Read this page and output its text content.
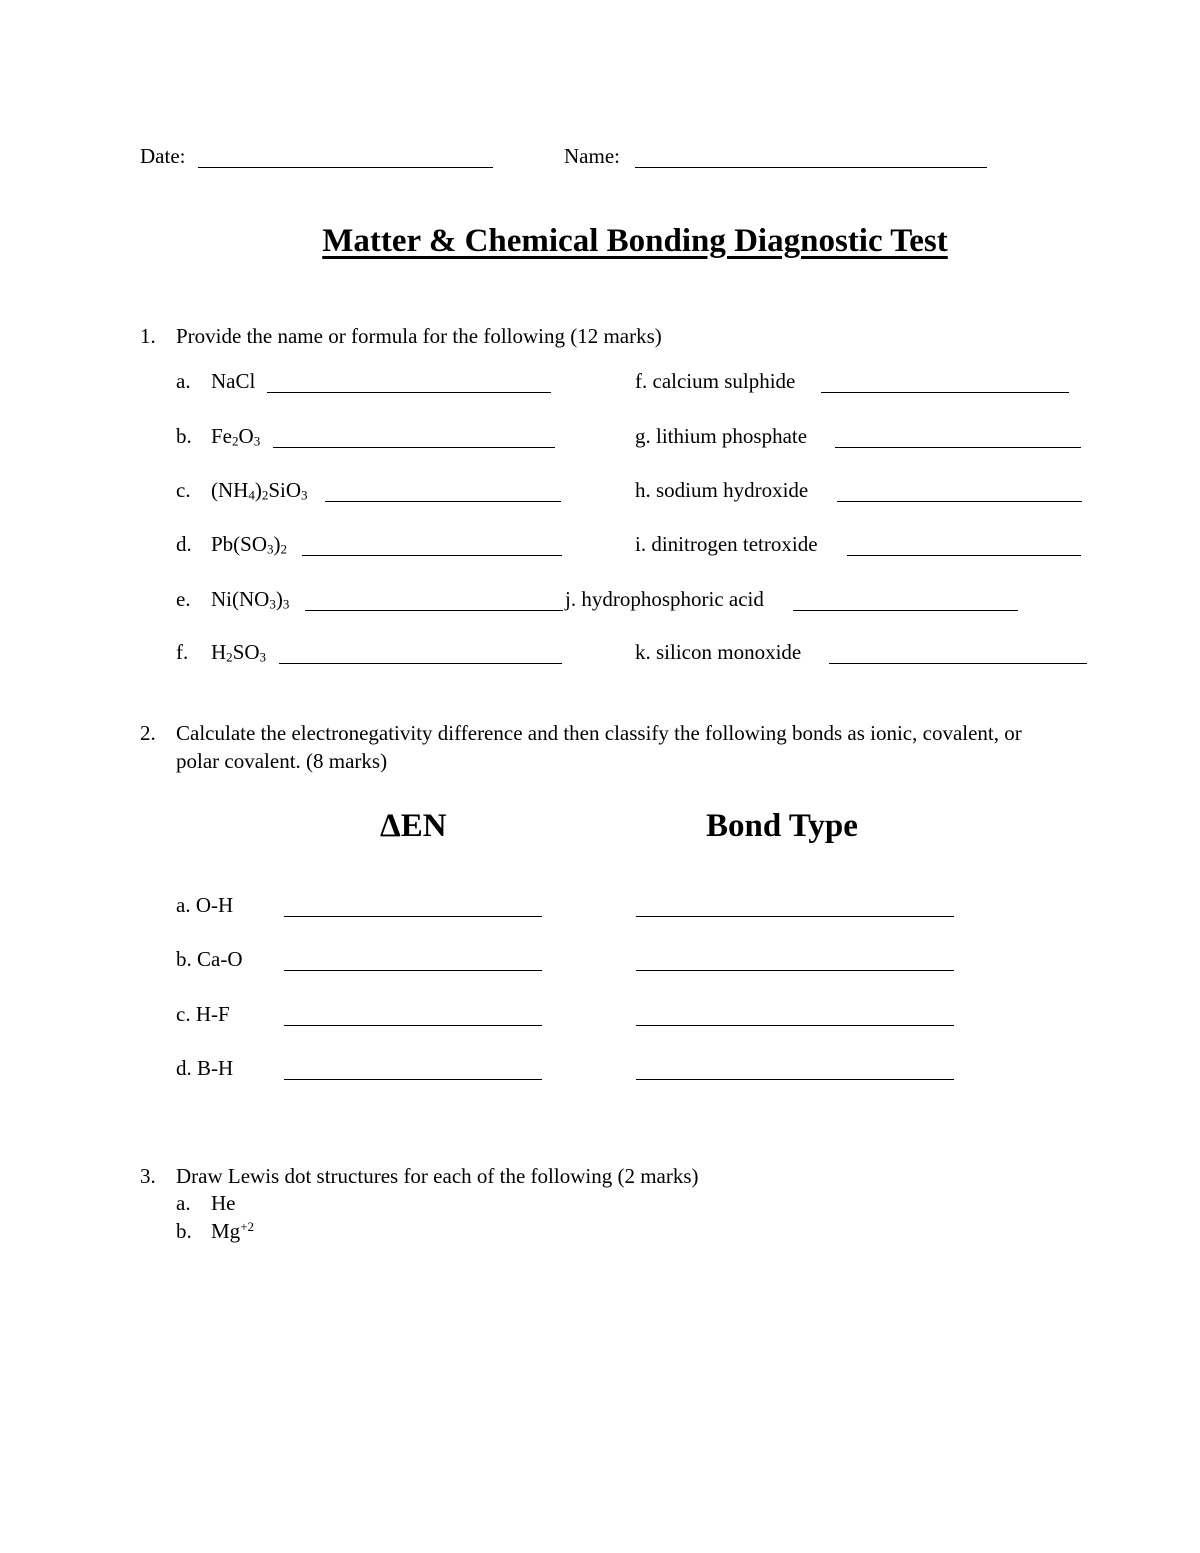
Date:	Name:
Matter & Chemical Bonding Diagnostic Test
1. Provide the name or formula for the following (12 marks)
a. NaCl
b. $Fe_2O_3$
c. $(NH_4)_2SiO_3$
d. $Pb(SO_3)_2$
e. $Ni(NO_3)_3$
f. $H_2SO_3$
f. calcium sulphide
g. lithium phosphate
h. sodium hydroxide
i. dinitrogen tetroxide
j. hydrophosphoric acid
k. silicon monoxide
2. Calculate the electronegativity difference and then classify the following bonds as ionic, covalent, or
polar covalent. (8 marks)
ΔEN	Bond Type
a. O-H
b. Ca-O
c. H-F
d. B-H
3. Draw Lewis dot structures for each of the following (2 marks)
a. He
b. $Mg^{+2}$
